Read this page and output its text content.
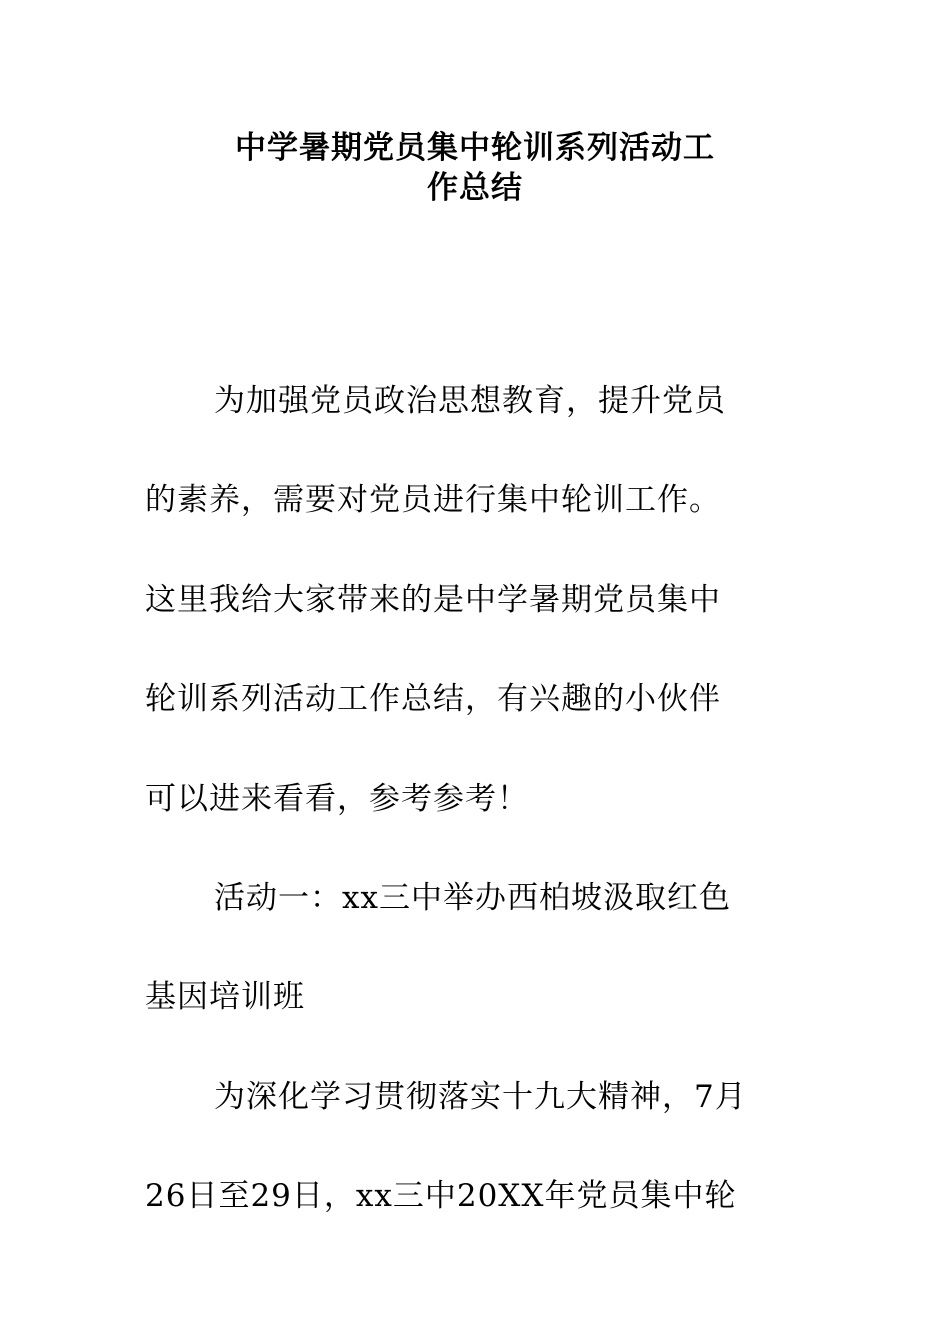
中学暑期党员集中轮训系列活动工
作总结
为加强党员政治思想教育，提升党员
的素养，需要对党员进行集中轮训工作。
这里我给大家带来的是中学暑期党员集中
轮训系列活动工作总结，有兴趣的小伙伴
可以进来看看，参考参考！
活动一：xx三中举办西柏坡汲取红色
基因培训班
为深化学习贯彻落实十九大精神，7月
26日至29日，xx三中20XX年党员集中轮
